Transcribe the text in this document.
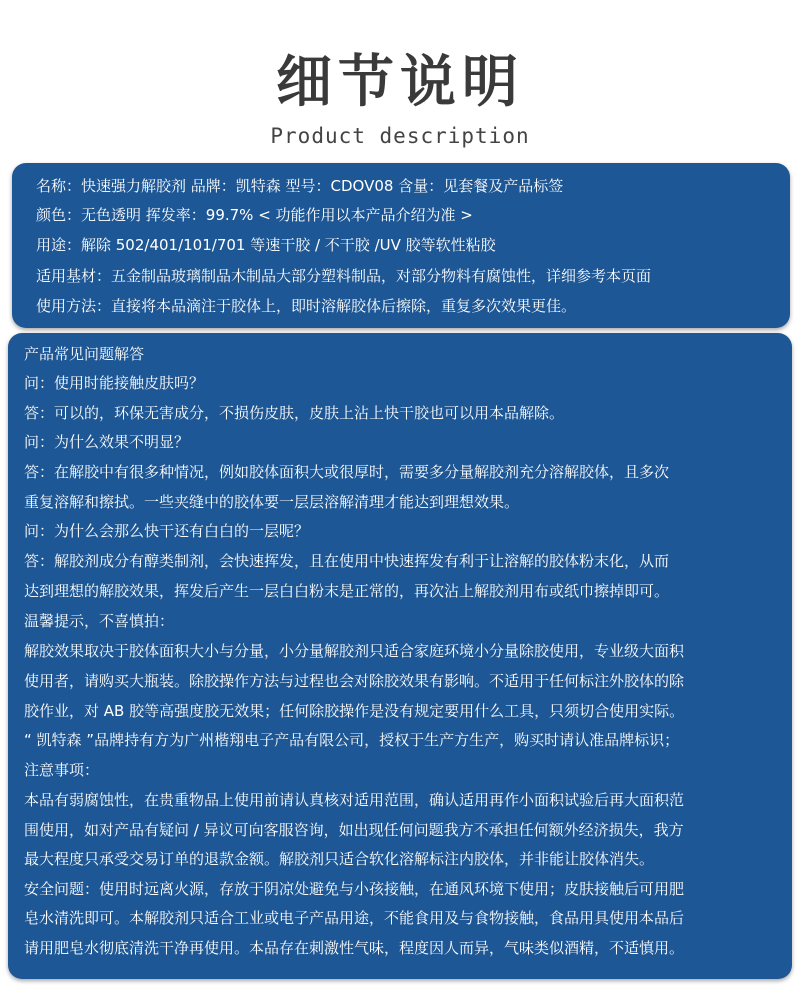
细节说明
Product description
名称：快速强力解胶剂 品牌：凯特森 型号：CDOV08 含量：见套餐及产品标签
颜色：无色透明 挥发率：99.7% < 功能作用以本产品介绍为准 >
用途：解除 502/401/101/701 等速干胶 / 不干胶 /UV 胶等软性粘胶
适用基材：五金制品玻璃制品木制品大部分塑料制品，对部分物料有腐蚀性，详细参考本页面
使用方法：直接将本品滴注于胶体上，即时溶解胶体后擦除，重复多次效果更佳。
产品常见问题解答
问：使用时能接触皮肤吗？
答：可以的，环保无害成分，不损伤皮肤，皮肤上沾上快干胶也可以用本品解除。
问：为什么效果不明显？
答：在解胶中有很多种情况，例如胶体面积大或很厚时，需要多分量解胶剂充分溶解胶体，且多次
重复溶解和擦拭。一些夹缝中的胶体要一层层溶解清理才能达到理想效果。
问：为什么会那么快干还有白白的一层呢？
答：解胶剂成分有醇类制剂，会快速挥发，且在使用中快速挥发有利于让溶解的胶体粉末化，从而
达到理想的解胶效果，挥发后产生一层白白粉末是正常的，再次沾上解胶剂用布或纸巾擦掉即可。
温馨提示，不喜慎拍：
解胶效果取决于胶体面积大小与分量，小分量解胶剂只适合家庭环境小分量除胶使用，专业级大面积
使用者，请购买大瓶装。除胶操作方法与过程也会对除胶效果有影响。不适用于任何标注外胶体的除
胶作业，对 AB 胶等高强度胶无效果；任何除胶操作是没有规定要用什么工具，只须切合使用实际。
“ 凯特森 ”品牌持有方为广州楷翔电子产品有限公司，授权于生产方生产，购买时请认准品牌标识；
注意事项：
本品有弱腐蚀性，在贵重物品上使用前请认真核对适用范围，确认适用再作小面积试验后再大面积范
围使用，如对产品有疑问 / 异议可向客服咨询，如出现任何问题我方不承担任何额外经济损失，我方
最大程度只承受交易订单的退款金额。解胶剂只适合软化溶解标注内胶体，并非能让胶体消失。
安全问题：使用时远离火源，存放于阴凉处避免与小孩接触，在通风环境下使用；皮肤接触后可用肥
皂水清洗即可。本解胶剂只适合工业或电子产品用途，不能食用及与食物接触，食品用具使用本品后
请用肥皂水彻底清洗干净再使用。本品存在刺激性气味，程度因人而异，气味类似酒精，不适慎用。
